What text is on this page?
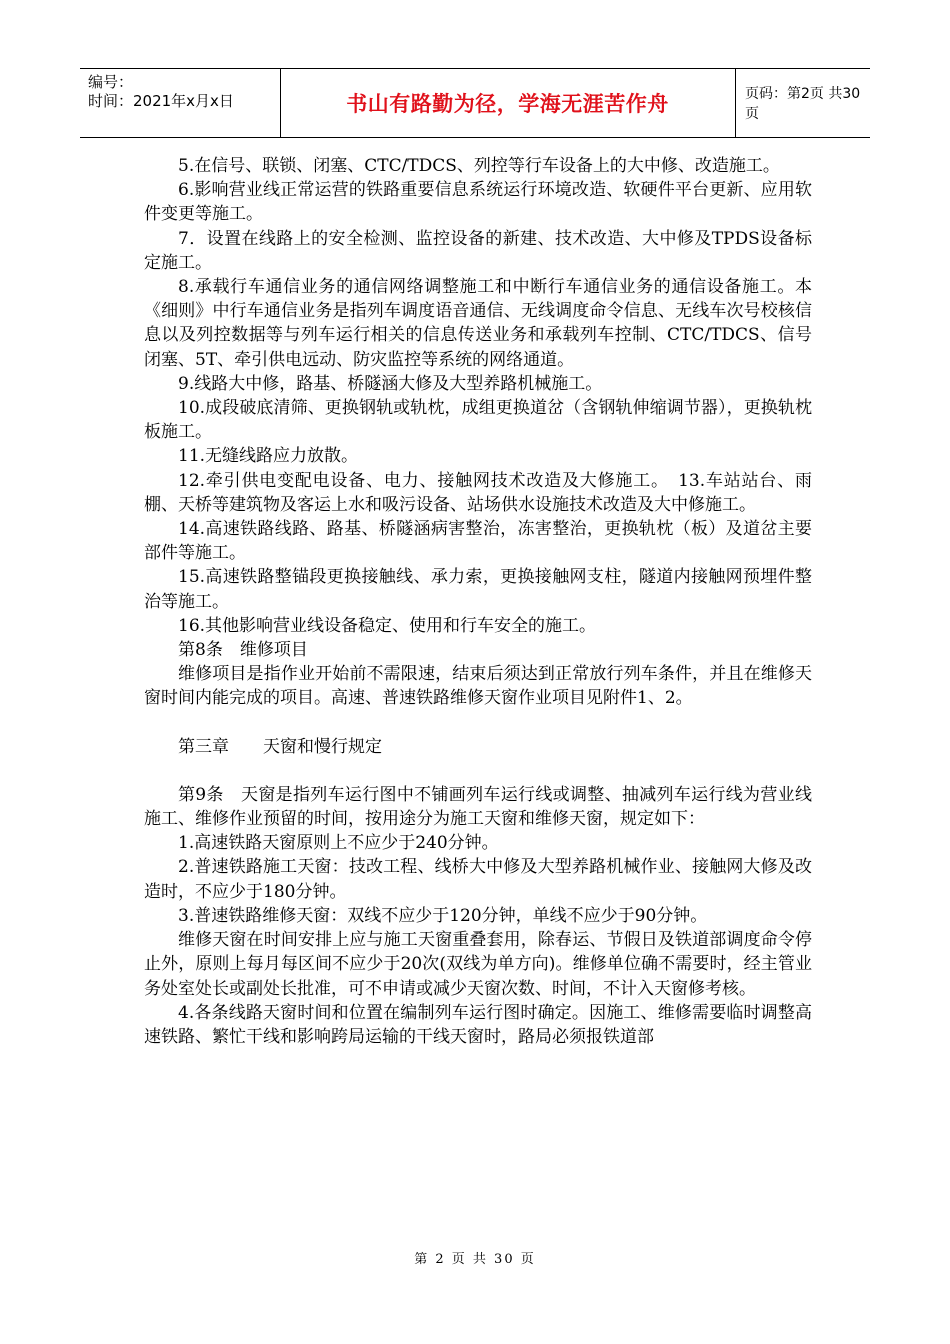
编号：
时间：2021年x月x日	书山有路勤为径，学海无涯苦作舟	页码：第2页 共30页

5.在信号、联锁、闭塞、CTC/TDCS、列控等行车设备上的大中修、改造施工。

6.影响营业线正常运营的铁路重要信息系统运行环境改造、软硬件平台更新、应用软件变更等施工。

7．设置在线路上的安全检测、监控设备的新建、技术改造、大中修及TPDS设备标定施工。

8.承载行车通信业务的通信网络调整施工和中断行车通信业务的通信设备施工。本《细则》中行车通信业务是指列车调度语音通信、无线调度命令信息、无线车次号校核信息以及列控数据等与列车运行相关的信息传送业务和承载列车控制、CTC/TDCS、信号闭塞、5T、牵引供电远动、防灾监控等系统的网络通道。

9.线路大中修，路基、桥隧涵大修及大型养路机械施工。

10.成段破底清筛、更换钢轨或轨枕，成组更换道岔（含钢轨伸缩调节器），更换轨枕板施工。

11.无缝线路应力放散。

12.牵引供电变配电设备、电力、接触网技术改造及大修施工。　13.车站站台、雨棚、天桥等建筑物及客运上水和吸污设备、站场供水设施技术改造及大中修施工。

14.高速铁路线路、路基、桥隧涵病害整治，冻害整治，更换轨枕（板）及道岔主要部件等施工。

15.高速铁路整锚段更换接触线、承力索，更换接触网支柱，隧道内接触网预埋件整治等施工。

16.其他影响营业线设备稳定、使用和行车安全的施工。

第8条　维修项目

维修项目是指作业开始前不需限速，结束后须达到正常放行列车条件，并且在维修天窗时间内能完成的项目。高速、普速铁路维修天窗作业项目见附件1、2。

第三章　　天窗和慢行规定

第9条　天窗是指列车运行图中不铺画列车运行线或调整、抽减列车运行线为营业线施工、维修作业预留的时间，按用途分为施工天窗和维修天窗，规定如下：

1.高速铁路天窗原则上不应少于240分钟。

2.普速铁路施工天窗：技改工程、线桥大中修及大型养路机械作业、接触网大修及改造时，不应少于180分钟。

3.普速铁路维修天窗：双线不应少于120分钟，单线不应少于90分钟。

维修天窗在时间安排上应与施工天窗重叠套用，除春运、节假日及铁道部调度命令停止外，原则上每月每区间不应少于20次(双线为单方向)。维修单位确不需要时，经主管业务处室处长或副处长批准，可不申请或减少天窗次数、时间，不计入天窗修考核。

4.各条线路天窗时间和位置在编制列车运行图时确定。因施工、维修需要临时调整高速铁路、繁忙干线和影响跨局运输的干线天窗时，路局必须报铁道部

第 2 页 共 30 页
